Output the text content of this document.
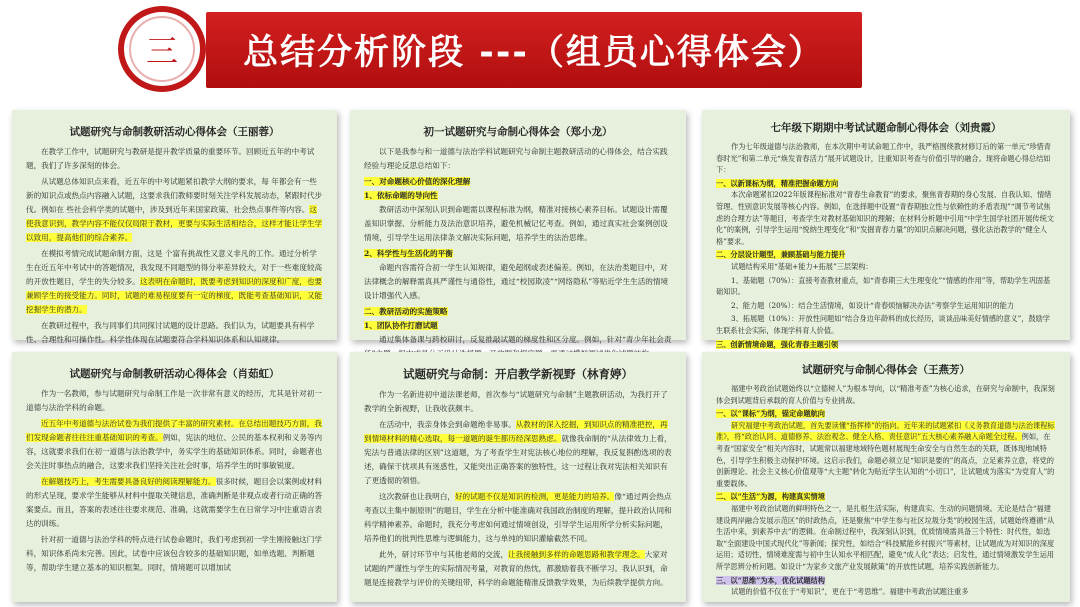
三	总结分析阶段 ---（组员心得体会）
试题研究与命制教研活动心得体会（王丽蓉）
在教学工作中，试题研究与教研是提升教学质量的重要环节。回顾近五年的中考试题，我们了许多深刻的体会。
从试题总体知识点来看，近五年的中考试题紧扣教学大纲的要求，每 年都会有一些新的知识点或热点内容融入试题，这要求我们教师要时刻关注学科发展动态，紧跟时代步伐。例如在 些社会科学类的试题中，涉及到近年来国家政策、社会热点事件等内容。这使我意识到，教学内容不能仅仅局限于教材，更要与实际生活相结合，这样才能让学生学以致用，提高他们的综合素养。
在模拟考情完成试题命制方面，这是 个富有挑战性又意义非凡的工作。通过分析学生在近五年中考试中的答题情况，我发现不同题型的得分率差异较大，对于一些难度较高的开放性题目，学生的失分较多。这表明在命题时，既要考虑到知识的深度和广度，也要兼顾学生的接受能力。同时，试题的难易程度要有一定的梯度，既能考查基础知识，又能挖掘学生的潜力。
在教研过程中，我与同事们共同探讨试题的设计思路。我们认为，试题要具有科学性、合理性和可操作性。科学性体现在试题要符合学科知识体系和认知规律。
初一试题研究与命制心得体会（郑小龙）
以下是我参与和一道德与法治学科试题研究与命制主题教研活动的心得体会，结合实践经验与理论反思总结如下：
一、对命题核心价值的深化理解
1、依标命题的导向性
教研活动中深刻认识到命题需以课程标准为纲，精准对接核心素养目标。试题设计需覆盖知识掌握、分析能力及法治意识培养，避免机械记忆考查。例如，通过真实社会案例创设情境，引导学生运用法律条文解决实际问题，培养学生的法治思维。
2、科学性与生活化的平衡
命题内容需符合初一学生认知规律，避免超纲或表述偏差。例如，在法治类题目中，对法律概念的解释需真具严谨性与通俗性，通过“校园欺凌”“网络隐私”等贴近学生生活的情境设计增强代入感。
二、教研活动的实施策略
1、团队协作打磨试题
通过集体备课与跨校研讨，反复推敲试题的梯度性和区分度。例如，针对“青少年社会责
七年级下期期中考试试题命制心得体会（刘贵霞）
作为七年级道德与法治教师，在本次期中考试命题工作中，我严格围绕教材修订后的第一单元“珍惜青春时光”和第二单元“焕发青春活力”展开试题设计，注重知识考查与价值引导的融合。现将命题心得总结如下：
一、以新课标为纲，精准把握命题方向
本次命题紧扣2022年版课程标准对“青春生命教育”的要求，聚焦青春期的身心发展、自我认知、情绪管理、性别意识发展等核心内容。例如，在选择题中设置“青春期独立性与依赖性的矛盾表现”“调节考试焦虑的合理方法”等题目，考查学生对教材基础知识的理解；在材料分析题中引用“中学生国学社团开展传统文化”的案例，引导学生运用“悦纳生理变化”和“发掘青春力量”的知识点解决问题，强化法治教学的“健全人格”要求。
二、分层设计题型，兼顾基础与能力提升
试题结构采用“基础+能力+拓展”三层架构：
1、基础题（70%）：直接考查教材重点，如“青春期三大生理变化”“情感的作用”等，帮助学生巩固基础知识。
2、能力题（20%）：结合生活情境，如设计“青春烦恼解决办法”考察学生运用知识的能力
3、拓展题（10%）：开放性问题如“结合身边年龄料的成长经历，谈谈品味美好情感的意义”，鼓励学生联系社会实际，体现学科育人价值。
三、创新情境命题，强化青春主题引领
试题研究与命制教研活动心得体会（肖茹虹）
作为一名教师，参与试题研究与命制工作是一次非常有意义的经历，尤其是针对初一道德与法治学科的命题。
近五年中考道德与法治试卷为我们提供了丰富的研究素材。在总结出题技巧方面，我们发现命题者往往注重基础知识的考查。例如，宪法的地位、公民的基本权利和义务等内容，这就要求我们在初一道德与法治教学中，务实学生的基础知识体系。同时，命题者也会关注时事热点的融合，这要求我们坚持关注社会时事，培养学生的时事敏锐度。
在解题技巧上，考生需要具备良好的阅读理解能力。很多时候，题目会以案例或材料的形式呈现，要求学生能够从材料中提取关键信息，准确判断是非观点或者行动正确的答案要点。而且，答案的表述往往要求规范、准确，这就需要学生在日常学习中注重语言表达的训练。
针对初一道德与法治学科的特点进行试卷命题时，我们考虑到初一学生刚接触这门学科，知识体系尚未完善。因此，试卷中应该包含较多的基础知识题，如单选题、判断题等，帮助学生建立基本的知识框架。同时，情境题可以增加试
试题研究与命制：开启教学新视野（林育婷）
作为一名新进初中道法课老师，首次参与“试题研究与命制”主题教研活动，为我打开了教学的全新视野，让我收获颇丰。
在活动中，我亲身体会到命题绝非易事。从教材的深入挖掘，到知识点的精准把控，再到情境材料的精心选取，每一道题的诞生都历经深思熟虑。就像我命制的“从法律效力上看，宪法与普通法律的区别”这道题，为了考查学生对宪法核心地位的理解，我反复斟酌选项的表述，确保干扰项具有迷惑性，又能突出正确答案的独特性，这一过程让我对宪法相关知识有了更透彻的领悟。
这次教研也让我明白，好的试题不仅是知识的检测，更是能力的培养。像“通过两会热点考查以主集中制原则”的题目，学生在分析中能准确对我国政治制度的理解，提升政治认同和科学精神素养。命题时，我充分考虑如何通过情境创设，引导学生运用所学分析实际问题，培养他们的批判性思维与逻辑能力，这与单纯的知识灌输截然不同。
此外，研讨环节中与其他老师的交流，让我接触到多样的命题思路和教学理念。大家对试题的严谨性与学生的实际情况考量，对教育的热忱，都激励着我不断学习。我认识到，命题是连接教学与评价的关键纽带，科学的命题能精准反馈教学效果，为后续教学提供方向。
试题研究与命制心得体会（王燕芳）
福建中考政治试题始终以“立德树人”为根本导向，以“精准考查”为核心追求，在研究与命制中，我深刻体会到试题背后承载的育人价值与专业挑战。
一、以“课标”为纲，锚定命题航向
研究福建中考政治试题，首先要读懂“指挥棒”的指向。近年来的试题紧扣《义务教育道德与法治课程标准》，将“政治认同、道德修养、法治观念、健全人格、责任意识”五大核心素养融入命题全过程。例如，在考查“国家安全”相关内容时，试题常以福建地域特色题材展现生命安全与自然生态的关联，既体现地域特色，引导学生积极主动保护环境。这启示我们，命题必须立足“知识是要的”的高点，立足素养立意，将党的创新理论、社会主义核心价值观等“大主题”转化为贴近学生认知的“小切口”，让试题成为落实“为党育人”的重要载体。
二、以“生活”为源，构建真实情境
福建中考政治试题的鲜明特色之一，是扎根生活实际，构建真实、生动的问题情境。无论是结合“福建建设两岸融合发展示范区”的时政热点，还是聚焦“中学生参与社区垃圾分类”的校园生活，试题始终遵循“从生活中来，到素养中去”的逻辑。在命制过程中，我深刻认识到，优质情境需具备三个特性：时代性，如选取“全面建设中国式现代化”等新闻；探究性，如结合“科技赋能乡村振兴”等素材，让试题成为对知识的深度运用；适切性，情境难度需与初中生认知水平相匹配，避免“成人化”表达；启发性，通过情境激发学生运用所学思辨分析问题。如设计“为家乡文旅产业发展献策”的开放性试题，培养实践创新能力。
三、以“思维”为本，优化试题结构
试题的价值不仅在于“考知识”，更在于“考思维”。福建中考政治试题注重多
